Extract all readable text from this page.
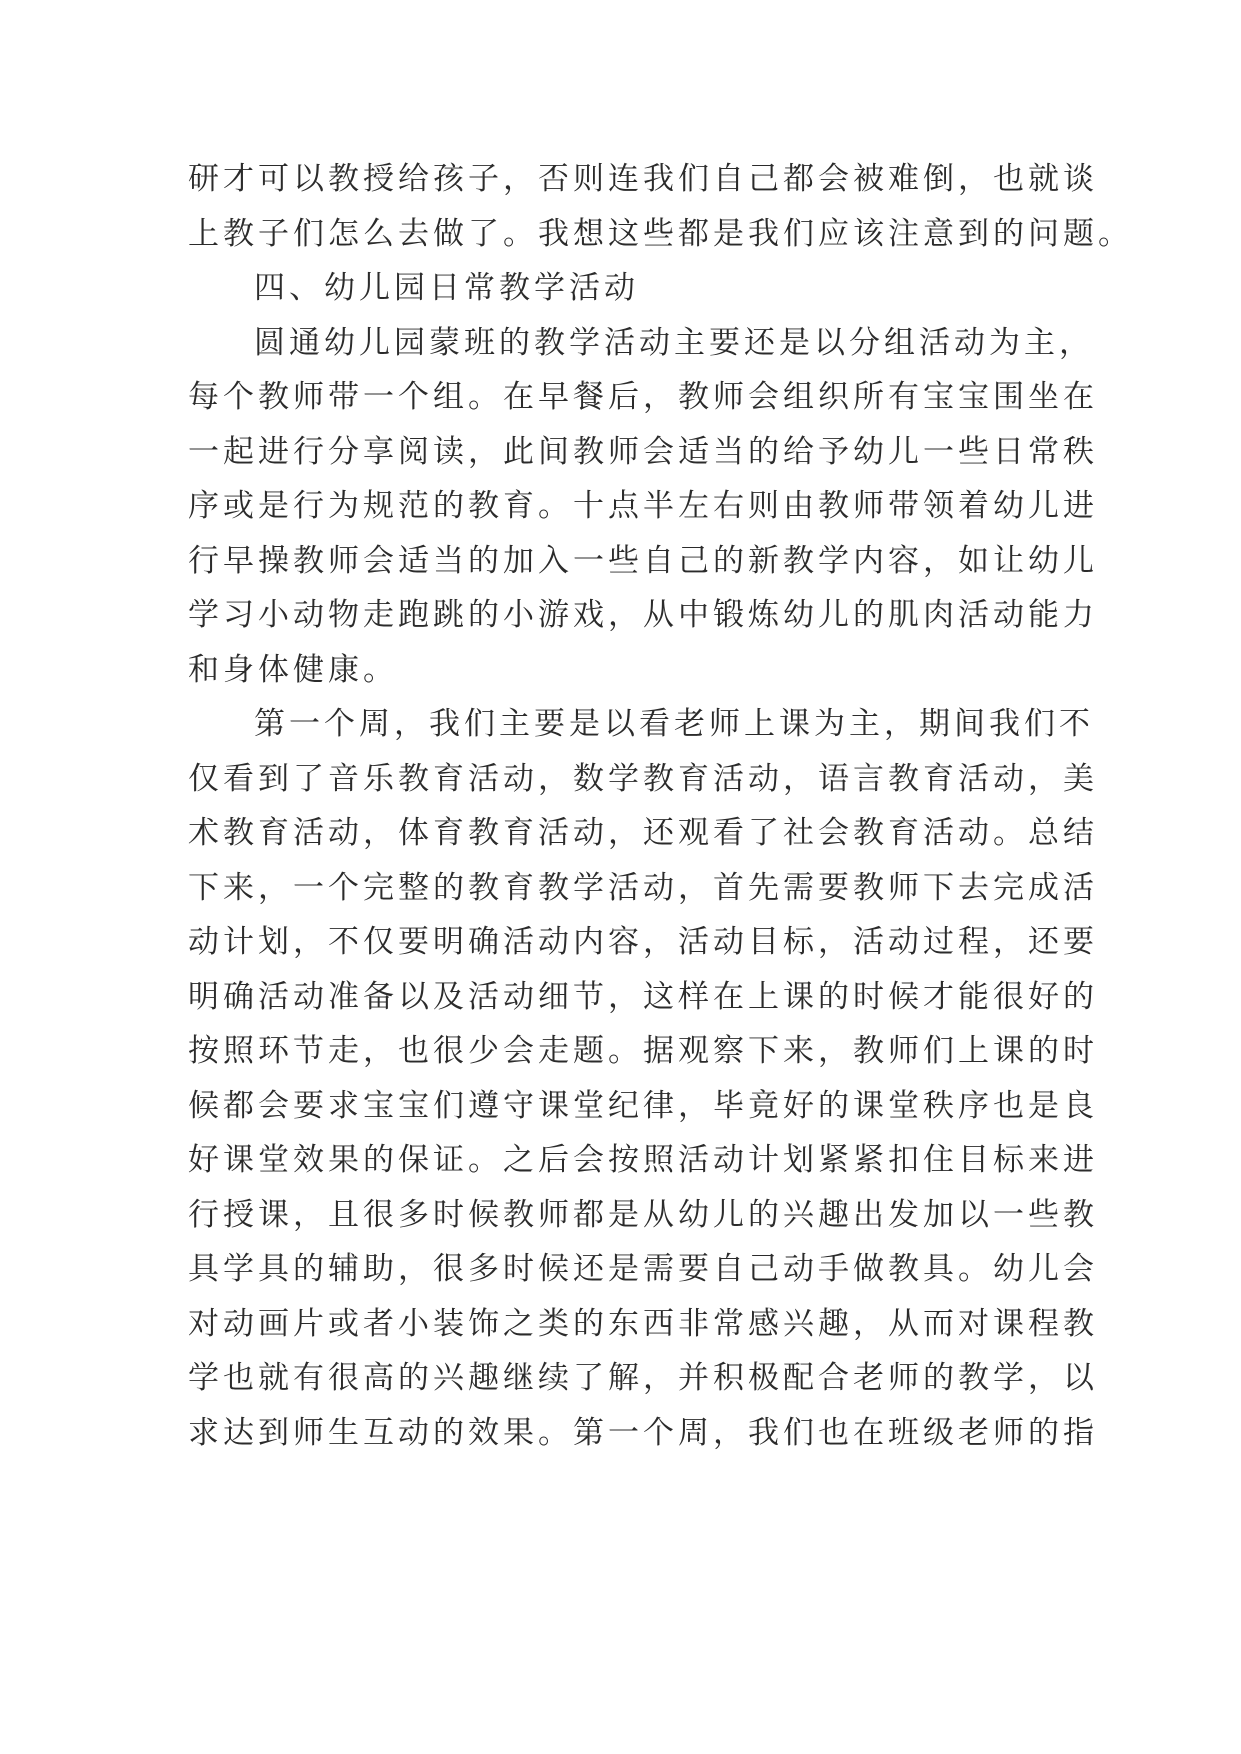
研才可以教授给孩子，否则连我们自己都会被难倒，也就谈
上教子们怎么去做了。我想这些都是我们应该注意到的问题。
四、幼儿园日常教学活动
圆通幼儿园蒙班的教学活动主要还是以分组活动为主，
每个教师带一个组。在早餐后，教师会组织所有宝宝围坐在
一起进行分享阅读，此间教师会适当的给予幼儿一些日常秩
序或是行为规范的教育。十点半左右则由教师带领着幼儿进
行早操教师会适当的加入一些自己的新教学内容，如让幼儿
学习小动物走跑跳的小游戏，从中锻炼幼儿的肌肉活动能力
和身体健康。
第一个周，我们主要是以看老师上课为主，期间我们不
仅看到了音乐教育活动，数学教育活动，语言教育活动，美
术教育活动，体育教育活动，还观看了社会教育活动。总结
下来，一个完整的教育教学活动，首先需要教师下去完成活
动计划，不仅要明确活动内容，活动目标，活动过程，还要
明确活动准备以及活动细节，这样在上课的时候才能很好的
按照环节走，也很少会走题。据观察下来，教师们上课的时
候都会要求宝宝们遵守课堂纪律，毕竟好的课堂秩序也是良
好课堂效果的保证。之后会按照活动计划紧紧扣住目标来进
行授课，且很多时候教师都是从幼儿的兴趣出发加以一些教
具学具的辅助，很多时候还是需要自己动手做教具。幼儿会
对动画片或者小装饰之类的东西非常感兴趣，从而对课程教
学也就有很高的兴趣继续了解，并积极配合老师的教学，以
求达到师生互动的效果。第一个周，我们也在班级老师的指
